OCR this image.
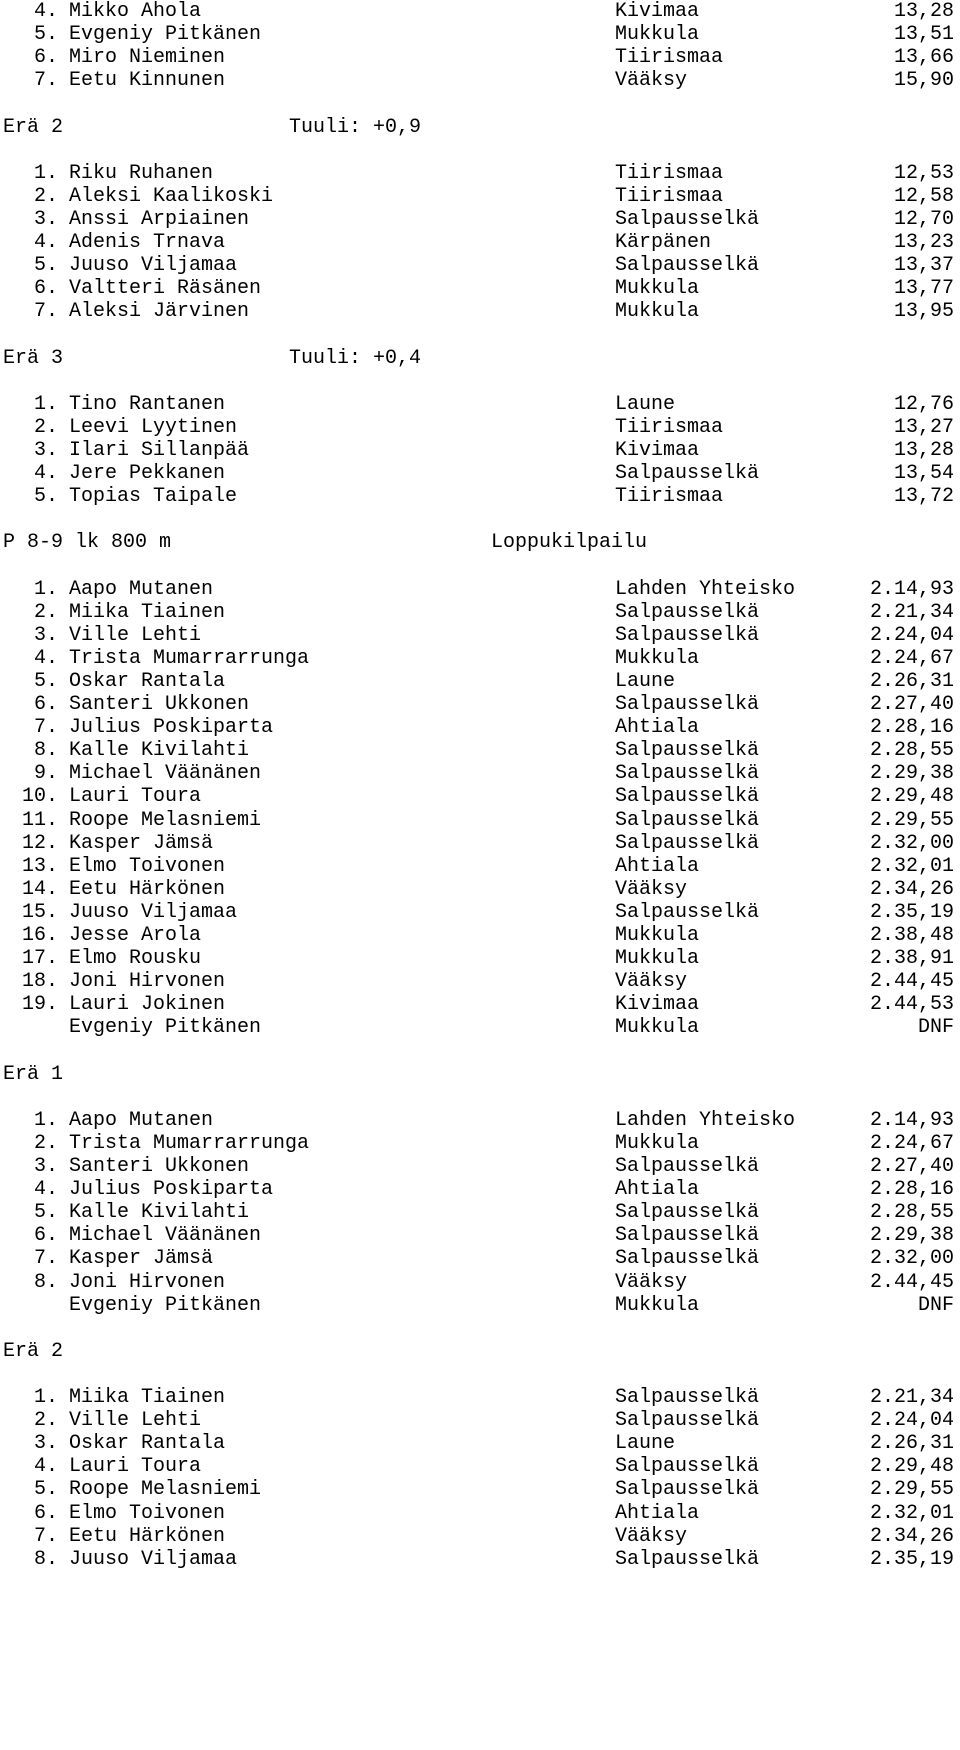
4. Mikko Ahola	Kivimaa	13,28
5. Evgeniy Pitkänen	Mukkula	13,51
6. Miro Nieminen	Tiirismaa	13,66
7. Eetu Kinnunen	Vääksy	15,90
Erä 2	Tuuli: +0,9
1. Riku Ruhanen	Tiirismaa	12,53
2. Aleksi Kaalikoski	Tiirismaa	12,58
3. Anssi Arpiainen	Salpausselkä	12,70
4. Adenis Trnava	Kärpänen	13,23
5. Juuso Viljamaa	Salpausselkä	13,37
6. Valtteri Räsänen	Mukkula	13,77
7. Aleksi Järvinen	Mukkula	13,95
Erä 3	Tuuli: +0,4
1. Tino Rantanen	Laune	12,76
2. Leevi Lyytinen	Tiirismaa	13,27
3. Ilari Sillanpää	Kivimaa	13,28
4. Jere Pekkanen	Salpausselkä	13,54
5. Topias Taipale	Tiirismaa	13,72
P 8-9 lk 800 m	Loppukilpailu
1. Aapo Mutanen	Lahden Yhteisko	2.14,93
2. Miika Tiainen	Salpausselkä	2.21,34
3. Ville Lehti	Salpausselkä	2.24,04
4. Trista Mumarrarrunga	Mukkula	2.24,67
5. Oskar Rantala	Laune	2.26,31
6. Santeri Ukkonen	Salpausselkä	2.27,40
7. Julius Poskiparta	Ahtiala	2.28,16
8. Kalle Kivilahti	Salpausselkä	2.28,55
9. Michael Väänänen	Salpausselkä	2.29,38
10. Lauri Toura	Salpausselkä	2.29,48
11. Roope Melasniemi	Salpausselkä	2.29,55
12. Kasper Jämsä	Salpausselkä	2.32,00
13. Elmo Toivonen	Ahtiala	2.32,01
14. Eetu Härkönen	Vääksy	2.34,26
15. Juuso Viljamaa	Salpausselkä	2.35,19
16. Jesse Arola	Mukkula	2.38,48
17. Elmo Rousku	Mukkula	2.38,91
18. Joni Hirvonen	Vääksy	2.44,45
19. Lauri Jokinen	Kivimaa	2.44,53
Evgeniy Pitkänen	Mukkula	DNF
Erä 1
1. Aapo Mutanen	Lahden Yhteisko	2.14,93
2. Trista Mumarrarrunga	Mukkula	2.24,67
3. Santeri Ukkonen	Salpausselkä	2.27,40
4. Julius Poskiparta	Ahtiala	2.28,16
5. Kalle Kivilahti	Salpausselkä	2.28,55
6. Michael Väänänen	Salpausselkä	2.29,38
7. Kasper Jämsä	Salpausselkä	2.32,00
8. Joni Hirvonen	Vääksy	2.44,45
Evgeniy Pitkänen	Mukkula	DNF
Erä 2
1. Miika Tiainen	Salpausselkä	2.21,34
2. Ville Lehti	Salpausselkä	2.24,04
3. Oskar Rantala	Laune	2.26,31
4. Lauri Toura	Salpausselkä	2.29,48
5. Roope Melasniemi	Salpausselkä	2.29,55
6. Elmo Toivonen	Ahtiala	2.32,01
7. Eetu Härkönen	Vääksy	2.34,26
8. Juuso Viljamaa	Salpausselkä	2.35,19
